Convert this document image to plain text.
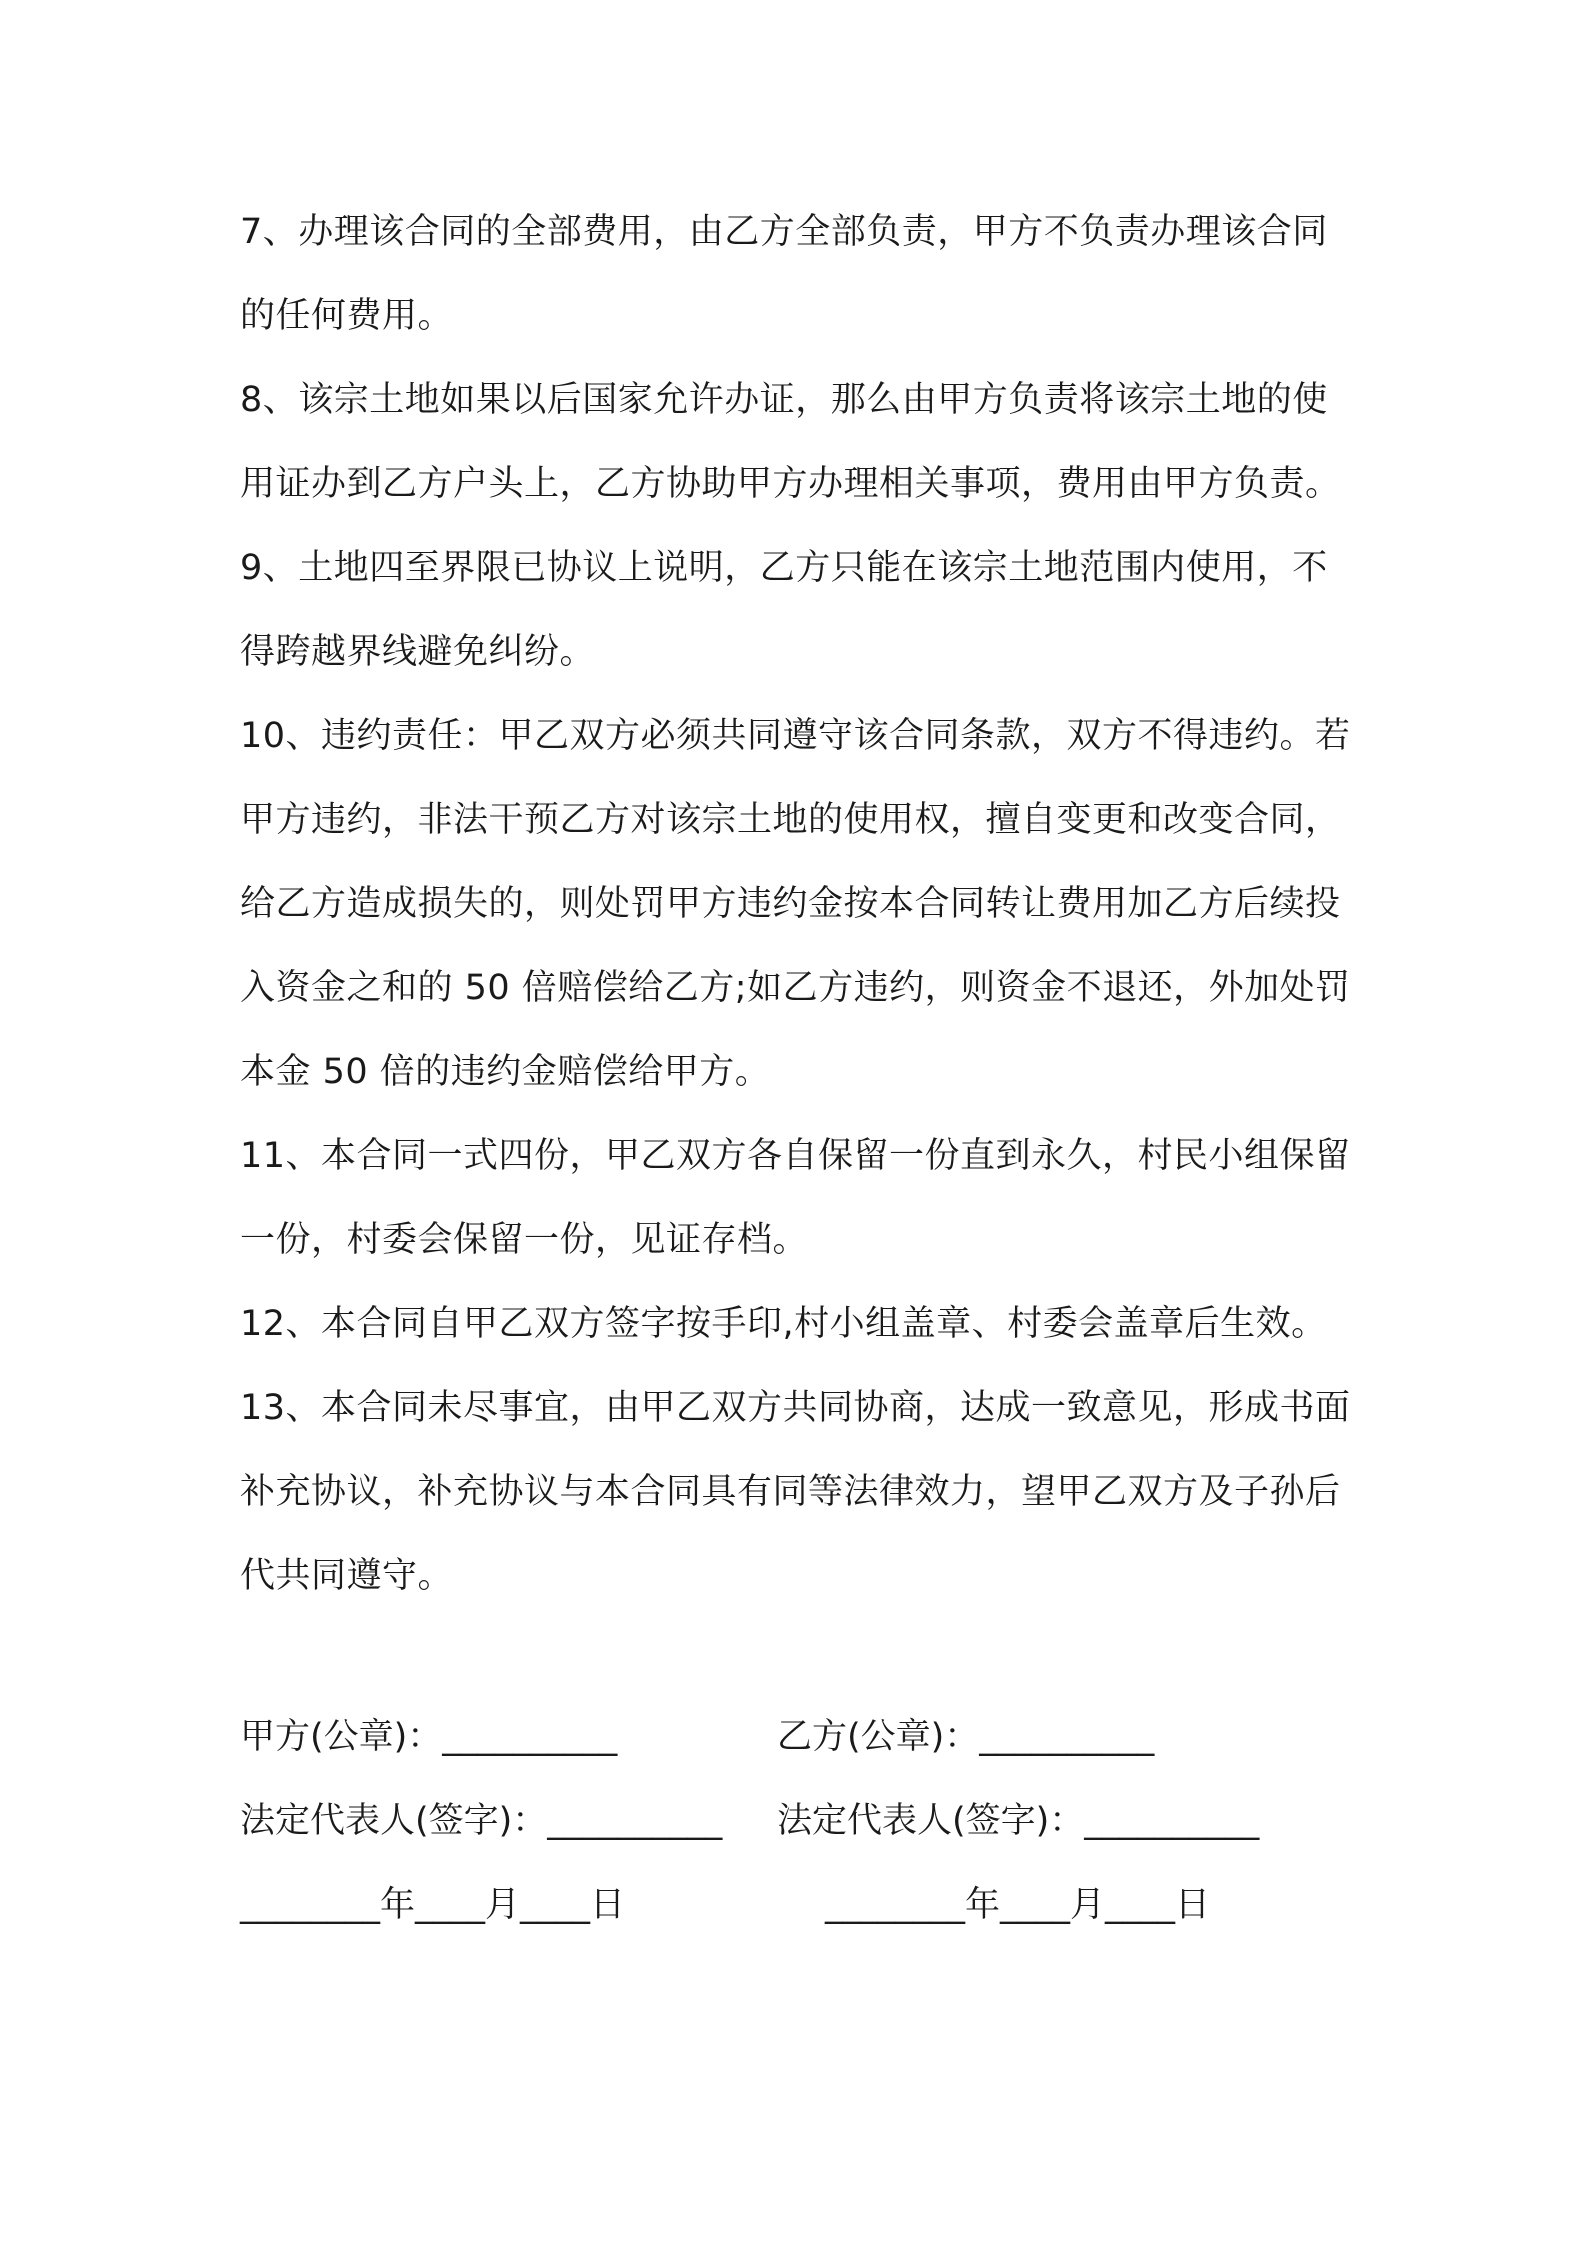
7、办理该合同的全部费用，由乙方全部负责，甲方不负责办理该合同的任何费用。

8、该宗土地如果以后国家允许办证，那么由甲方负责将该宗土地的使用证办到乙方户头上，乙方协助甲方办理相关事项，费用由甲方负责。

9、土地四至界限已协议上说明，乙方只能在该宗土地范围内使用，不得跨越界线避免纠纷。

10、违约责任：甲乙双方必须共同遵守该合同条款，双方不得违约。若甲方违约，非法干预乙方对该宗土地的使用权，擅自变更和改变合同，给乙方造成损失的，则处罚甲方违约金按本合同转让费用加乙方后续投入资金之和的 50 倍赔偿给乙方;如乙方违约，则资金不退还，外加处罚本金 50 倍的违约金赔偿给甲方。

11、本合同一式四份，甲乙双方各自保留一份直到永久，村民小组保留一份，村委会保留一份，见证存档。

12、本合同自甲乙双方签字按手印,村小组盖章、村委会盖章后生效。

13、本合同未尽事宜，由甲乙双方共同协商，达成一致意见，形成书面补充协议，补充协议与本合同具有同等法律效力，望甲乙双方及子孙后代共同遵守。

甲方(公章)：__________

	乙方(公章)：__________

法定代表人(签字)：__________

法定代表人(签字)：__________

________年____月____日

	________年____月____日
